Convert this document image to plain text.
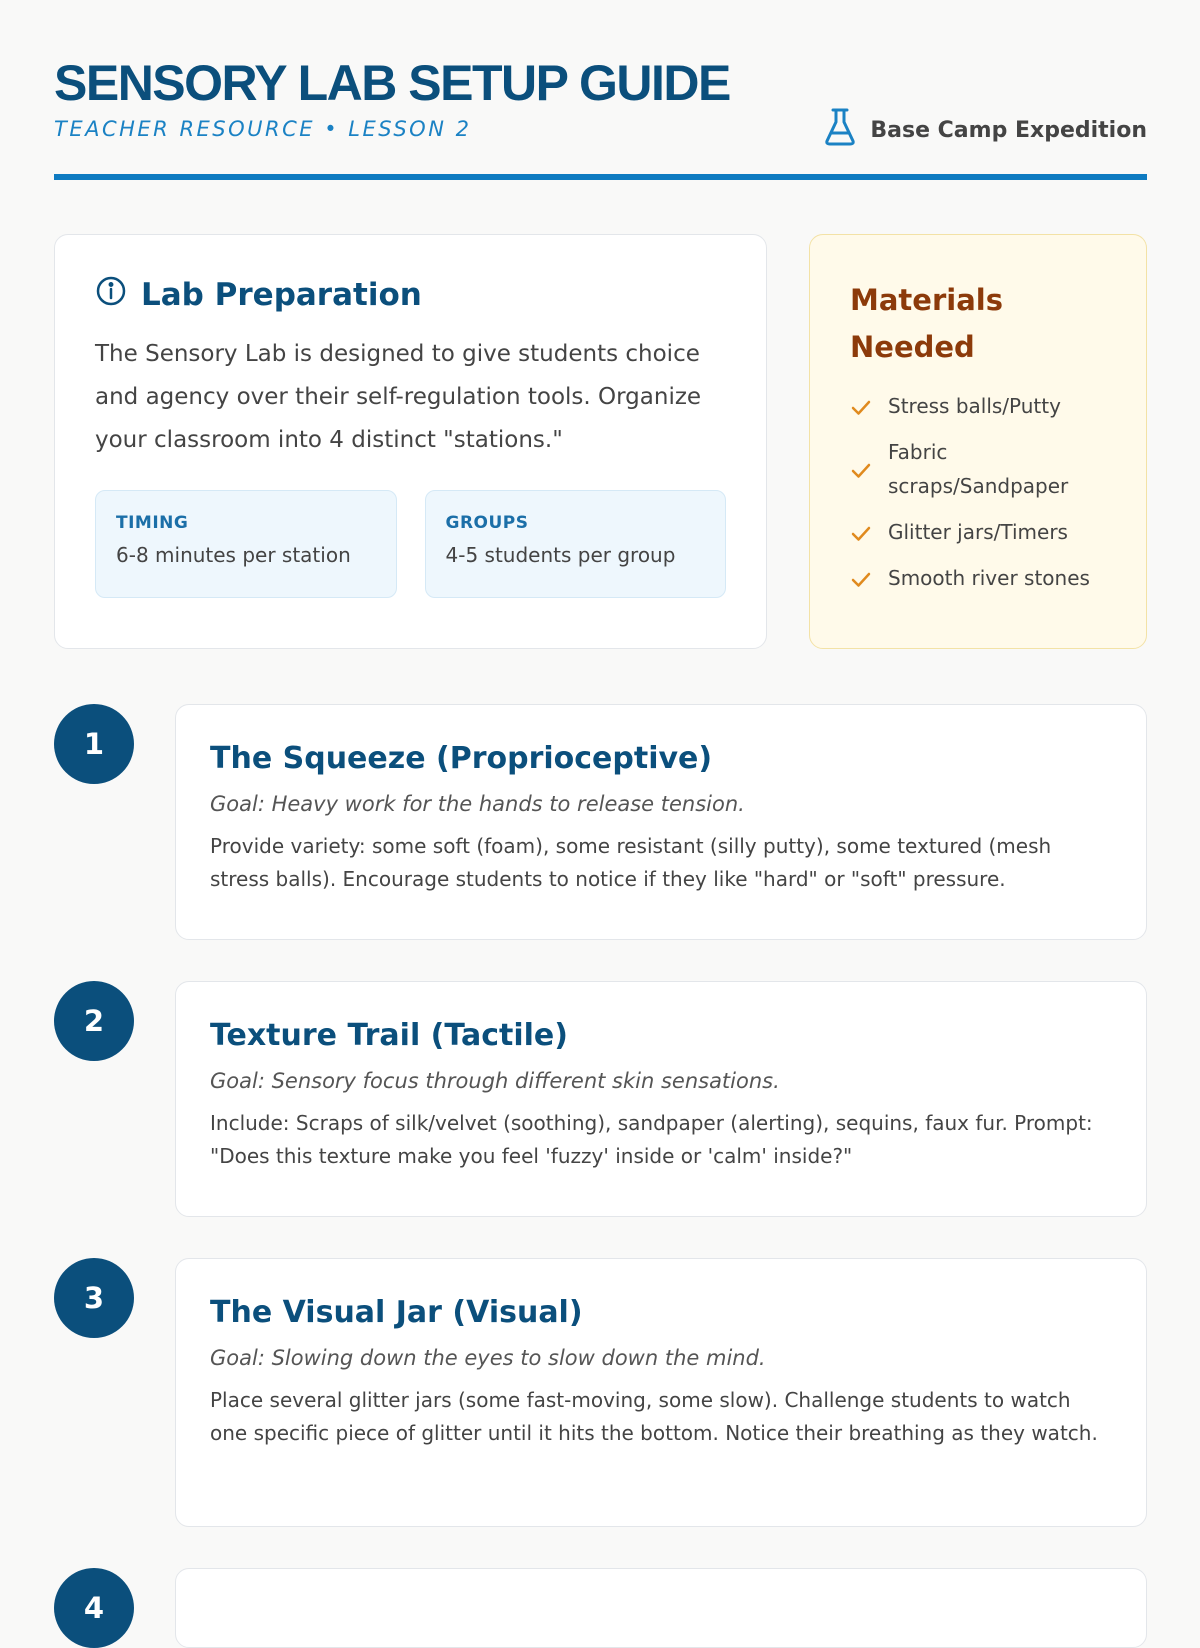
SENSORY LAB SETUP GUIDE
TEACHER RESOURCE • LESSON 2	Base Camp Expedition
Lab Preparation
The Sensory Lab is designed to give students choice and agency over their self-regulation tools. Organize your classroom into 4 distinct "stations."
TIMING
6-8 minutes per station
GROUPS
4-5 students per group
Materials Needed
Stress balls/Putty
Fabric scraps/Sandpaper
Glitter jars/Timers
Smooth river stones
1	The Squeeze (Proprioceptive)
Goal: Heavy work for the hands to release tension.
Provide variety: some soft (foam), some resistant (silly putty), some textured (mesh stress balls). Encourage students to notice if they like "hard" or "soft" pressure.
2	Texture Trail (Tactile)
Goal: Sensory focus through different skin sensations.
Include: Scraps of silk/velvet (soothing), sandpaper (alerting), sequins, faux fur. Prompt: "Does this texture make you feel 'fuzzy' inside or 'calm' inside?"
3	The Visual Jar (Visual)
Goal: Slowing down the eyes to slow down the mind.
Place several glitter jars (some fast-moving, some slow). Challenge students to watch one specific piece of glitter until it hits the bottom. Notice their breathing as they watch.
4
